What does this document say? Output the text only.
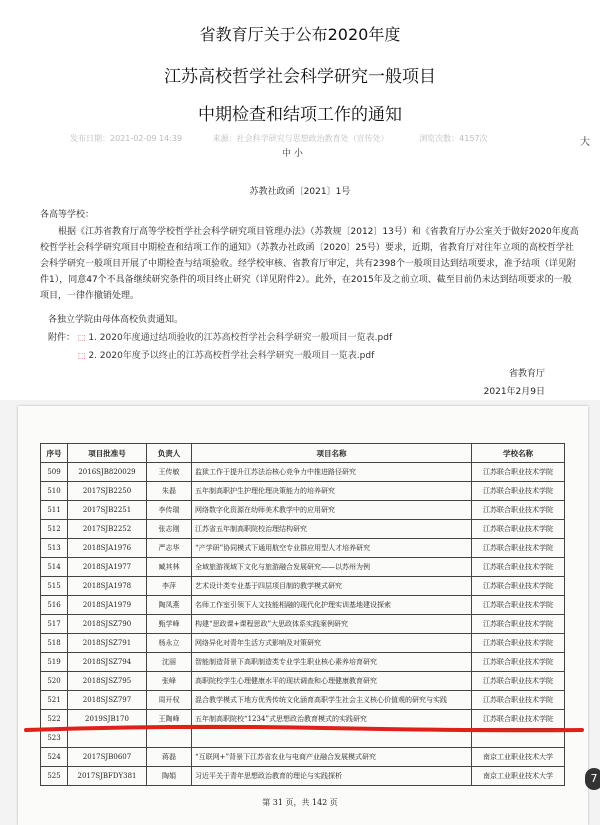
省教育厅关于公布2020年度
江苏高校哲学社会科学研究一般项目
中期检查和结项工作的通知
发布日期：2021-02-09 14:39	来源：社会科学研究与思想政治教育处（宣传处）	浏览次数：4157次	大
中 小
苏教社政函〔2021〕1号
各高等学校：
根据《江苏省教育厅高等学校哲学社会科学研究项目管理办法》（苏教规〔2012〕13号）和《省教育厅办公室关于做好2020年度高校哲学社会科学研究项目中期检查和结项工作的通知》（苏教办社政函〔2020〕25号）要求，近期，省教育厅对往年立项的高校哲学社会科学研究一般项目开展了中期检查与结项验收。经学校审核、省教育厅审定，共有2398个一般项目达到结项要求，准予结项（详见附件1），同意47个不具备继续研究条件的项目终止研究（详见附件2）。此外，在2015年及之前立项、截至目前仍未达到结项要求的一般项目，一律作撤销处理。
各独立学院由母体高校负责通知。
附件： ⬚ 1. 2020年度通过结项验收的江苏高校哲学社会科学研究一般项目一览表.pdf
⬚ 2. 2020年度予以终止的江苏高校哲学社会科学研究一般项目一览表.pdf
省教育厅
2021年2月9日
序号	项目批准号	负责人	项目名称	学校名称
509	2016SJB820029	王传敏	监狱工作于提升江苏法治核心竞争力中推进路径研究	江苏联合职业技术学院
510	2017SJB2250	朱磊	五年制高职护生护理伦理决策能力的培养研究	江苏联合职业技术学院
511	2017SJB2251	李传瑞	网络数字化资源在幼师美术教学中的应用研究	江苏联合职业技术学院
512	2017SJB2252	张志刚	江苏省五年制高职院校治理结构研究	江苏联合职业技术学院
513	2018SJA1976	严志华	“产学研”协同模式下通用航空专业群应用型人才培养研究	江苏联合职业技术学院
514	2018SJA1977	臧其林	全域旅游视域下文化与旅游融合发展研究——以苏州为例	江苏联合职业技术学院
515	2018SJA1978	李萍	艺术设计类专业基于四层项目制的教学模式研究	江苏联合职业技术学院
516	2018SJA1979	陶凤燕	名师工作室引领下人文技能相融的现代化护理实训基地建设探索	江苏联合职业技术学院
517	2018SJSZ790	甄学峰	构建“思政课+课程思政”大思政体系实践案例研究	江苏联合职业技术学院
518	2018SJSZ791	杨永立	网络异化对青年生活方式影响及对策研究	江苏联合职业技术学院
519	2018SJSZ794	沈丽	智能制造背景下高职制造类专业学生职业核心素养培育研究	江苏联合职业技术学院
520	2018SJSZ795	张峰	高职院校学生心理健康水平的现状调查和心理健康教育研究	江苏联合职业技术学院
521	2018SJSZ797	周开权	混合教学模式下地方优秀传统文化涵育高职学生社会主义核心价值观的研究与实践	江苏联合职业技术学院
522	2019SJB170	王陶峰	五年制高职院校“1234”式思想政治教育模式的实践研究	江苏联合职业技术学院
523				
524	2017SJB0607	蒋磊	“互联网+”背景下江苏省农业与电商产业融合发展模式研究	南京工业职业技术大学
525	2017SJBFDY381	陶娟	习近平关于青年思想政治教育的理论与实践探析	南京工业职业技术大学
第 31 页，共 142 页
7
